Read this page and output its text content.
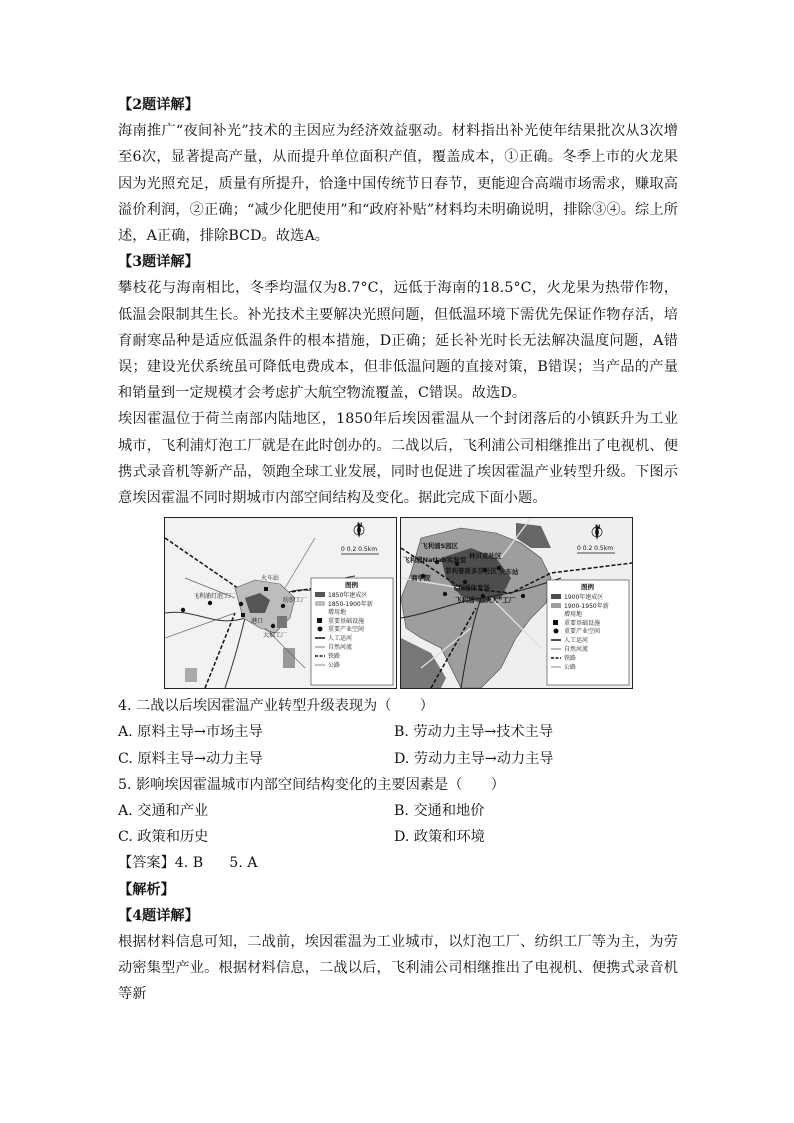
【2题详解】

海南推广“夜间补光”技术的主因应为经济效益驱动。材料指出补光使年结果批次从3次增至6次，显著提高产量，从而提升单位面积产值，覆盖成本，①正确。冬季上市的火龙果因为光照充足，质量有所提升，恰逢中国传统节日春节，更能迎合高端市场需求，赚取高溢价利润，②正确；“减少化肥使用”和“政府补贴”材料均未明确说明，排除③④。综上所述，A正确，排除BCD。故选A。

【3题详解】

攀枝花与海南相比，冬季均温仅为8.7°C，远低于海南的18.5°C，火龙果为热带作物，低温会限制其生长。补光技术主要解决光照问题，但低温环境下需优先保证作物存活，培育耐寒品种是适应低温条件的根本措施，D正确；延长补光时长无法解决温度问题，A错误；建设光伏系统虽可降低电费成本，但非低温问题的直接对策，B错误；当产品的产量和销量到一定规模才会考虑扩大航空物流覆盖，C错误。故选D。

埃因霍温位于荷兰南部内陆地区，1850年后埃因霍温从一个封闭落后的小镇跃升为工业城市，飞利浦灯泡工厂就是在此时创办的。二战以后，飞利浦公司相继推出了电视机、便携式录音机等新产品，领跑全球工业发展，同时也促进了埃因霍温产业转型升级。下图示意埃因霍温不同时期城市内部空间结构及变化。据此完成下面小题。

火车站
飞利浦灯泡工厂
纺织工厂
港口
大烟工厂
N
0 0.2 0.5km
图例
1850年建成区
1850-1900年新
增用地
重要基础设施
重要产业空间
人工运河
自然河流
铁路
公路
飞利浦S园区
飞利浦Natlab实验室 林贝克社区
商学院
菲利普斯多芬社区
飞利浦体育场
火车站
飞利浦“白夫人”工厂
N
0 0.2 0.5km
图例
1900年建成区
1900-1950年新
增用地
重要基础设施
重要产业空间
人工运河
自然河流
铁路
公路

4. 二战以后埃因霍温产业转型升级表现为（　　）

A. 原料主导→市场主导	B. 劳动力主导→技术主导

C. 原料主导→动力主导	D. 劳动力主导→动力主导

5. 影响埃因霍温城市内部空间结构变化的主要因素是（　　）

A. 交通和产业	B. 交通和地价

C. 政策和历史	D. 政策和环境

【答案】4. B 5. A

【解析】

【4题详解】

根据材料信息可知，二战前，埃因霍温为工业城市，以灯泡工厂、纺织工厂等为主，为劳动密集型产业。根据材料信息，二战以后，飞利浦公司相继推出了电视机、便携式录音机等新
